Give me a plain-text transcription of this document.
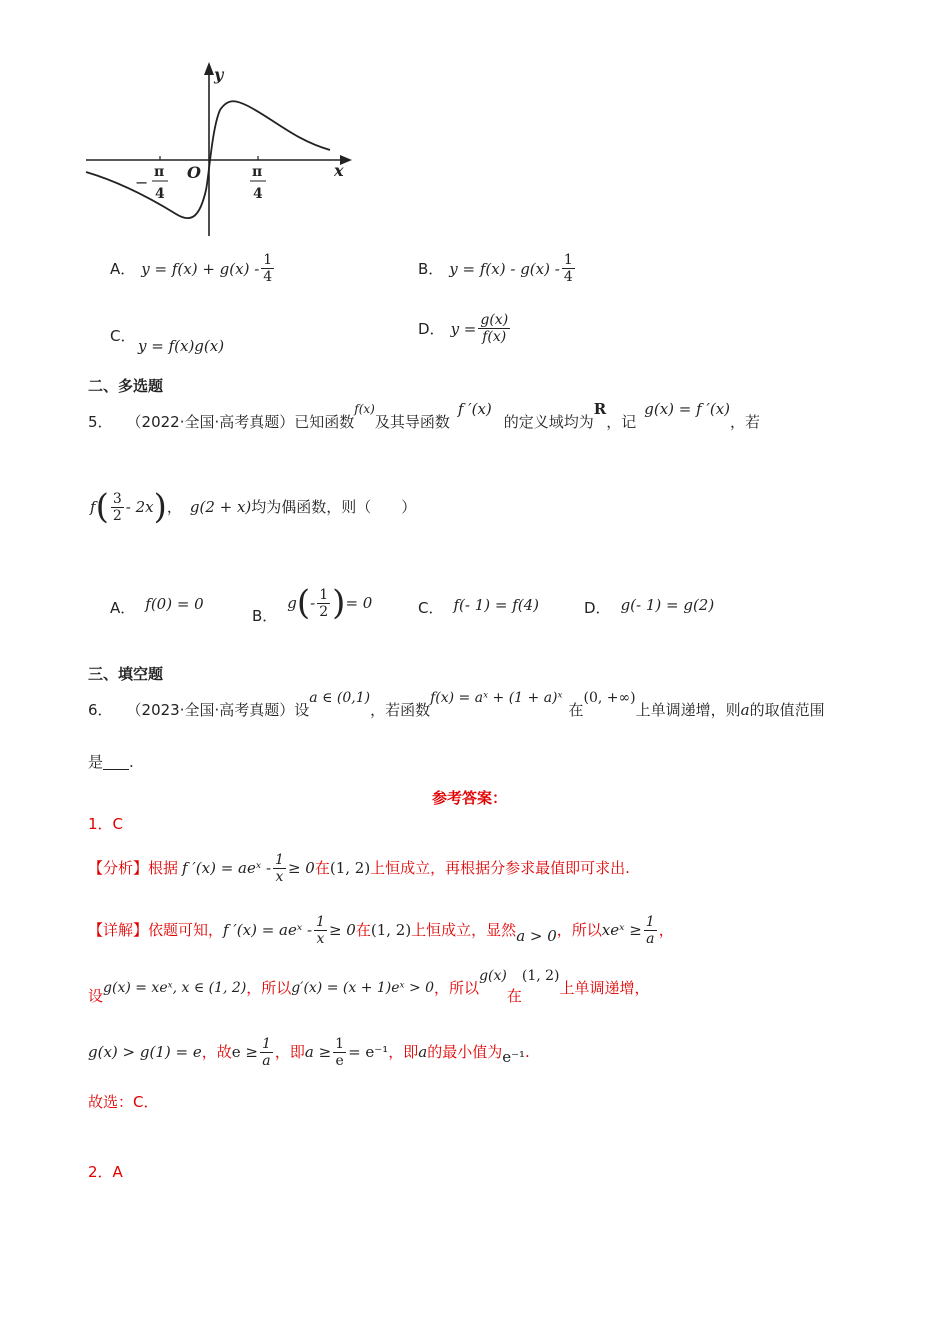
y
x
O
−
π
4
π
4
A． $y = f(x) + g(x) - \frac{1}{4}$	B． $y = f(x) - g(x) - \frac{1}{4}$
C．
y = f(x)g(x)
D． $y = \frac{g(x)}{f(x)}$
二、多选题
5． （2022·全国·高考真题） 已知函数
f(x)
及其导函数
f ′(x)
的定义域均为
R
，记
g(x) = f ′(x)
，若
f ( $\frac{3}{2} - 2x$ ) ， g(2 + x) 均为偶函数，则（　　）
A． f(0) = 0
B．
g ( - $\frac{1}{2}$ ) = 0	C． f(- 1) = f(4)	D． g(- 1) = g(2)
三、填空题
6． （2023·全国·高考真题） 设
a ∈ (0,1)
，若函数
f(x) = aˣ + (1 + a)ˣ
在
(0, +∞)
上单调递增，则 a 的取值范围
是 .
参考答案：
1．C
【分析】 根据 f ′(x) = aeˣ - $\frac{1}{x} \ge 0$ 在 (1, 2) 上恒成立，再根据分参求最值即可求出.
【详解】 依题可知， f ′(x) = aeˣ - $\frac{1}{x} \ge 0$ 在 (1, 2) 上恒成立，显然 a > 0 ，所以 xeˣ ≥ $\frac{1}{a}$ ，
设 g(x) = xeˣ, x ∈ (1, 2) ，所以 g′(x) = (x + 1)eˣ > 0 ，所以
g(x)
在
(1, 2)
上单调递增，
g(x) > g(1) = e ，故 $e \ge \frac{1}{a}$ ，即 $a \ge \frac{1}{e} = e^{-1}$ ，即 a 的最小值为 e⁻¹ .
故选：C．
2．A
